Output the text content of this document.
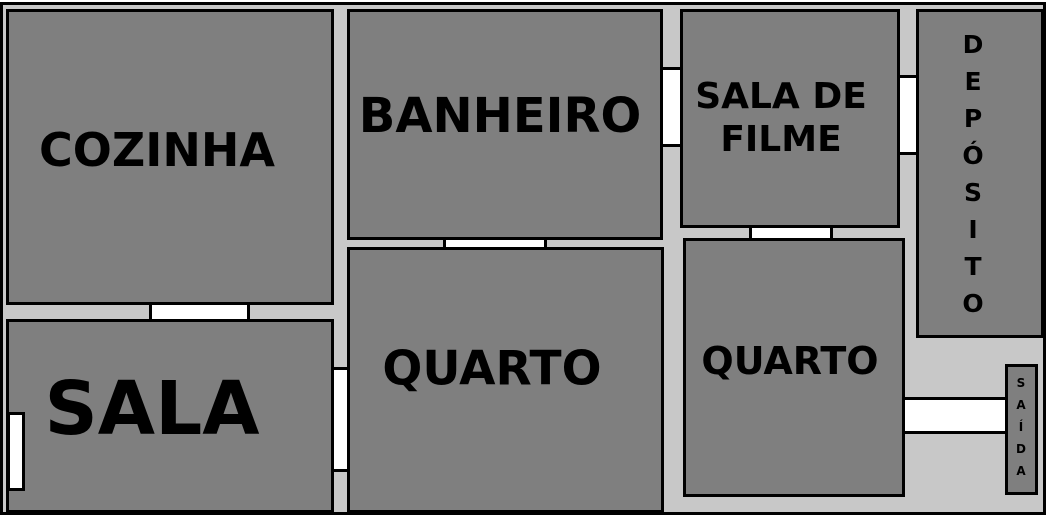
COZINHA
SALA
BANHEIRO
QUARTO
SALA DE
FILME
QUARTO
D
E
P
Ó
S
I
T
O
S
A
Í
D
A
